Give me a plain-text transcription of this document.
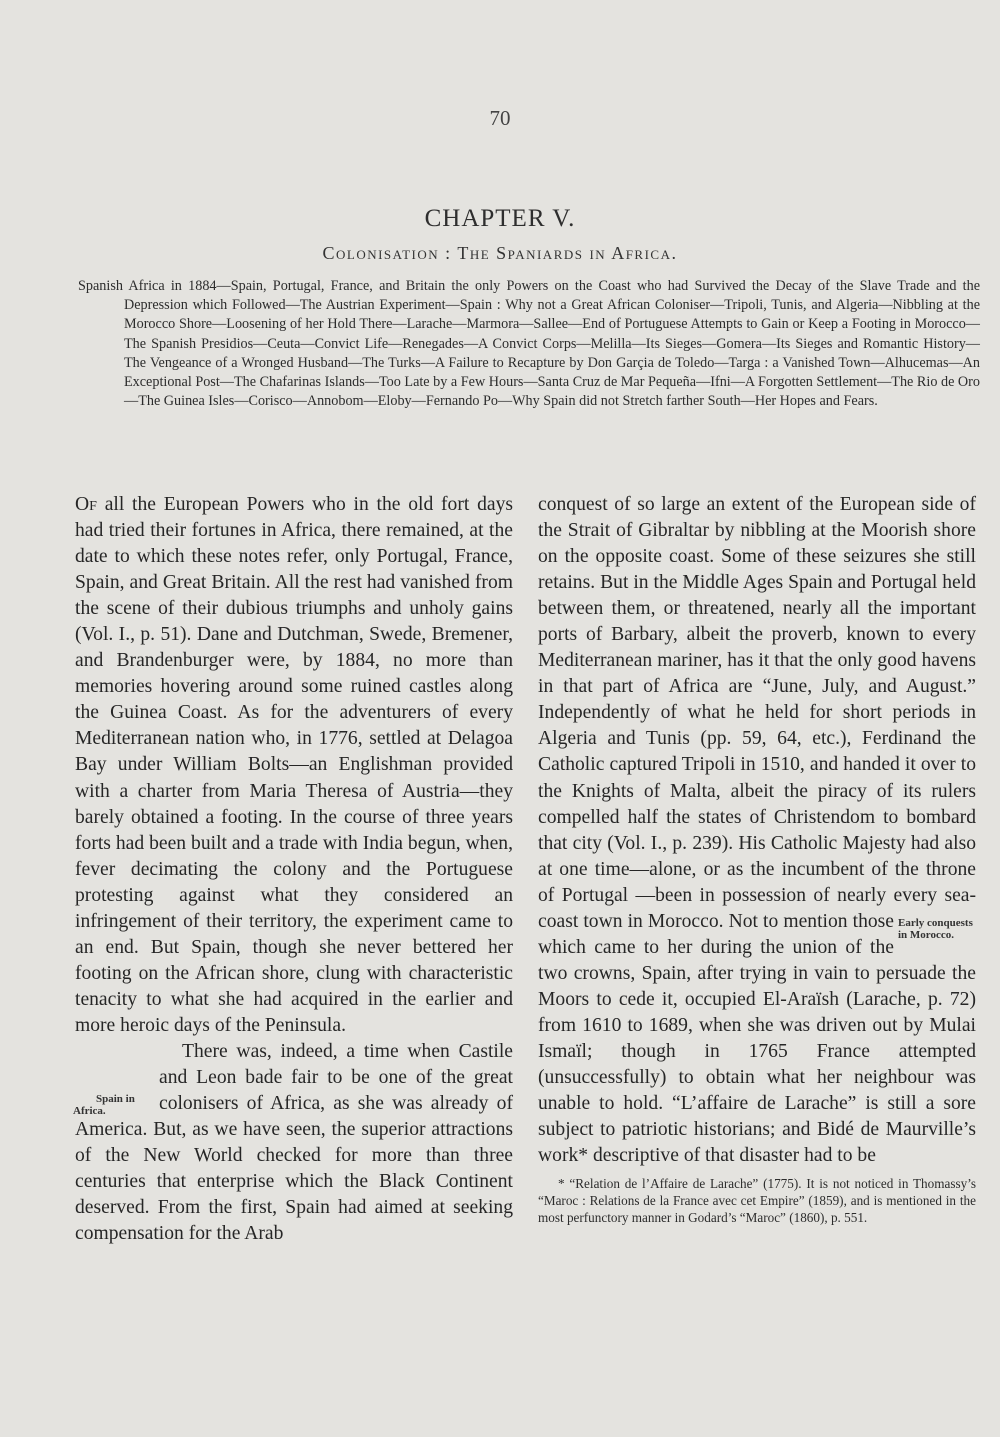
70
CHAPTER V.
Colonisation : The Spaniards in Africa.
Spanish Africa in 1884—Spain, Portugal, France, and Britain the only Powers on the Coast who had Survived the Decay of the Slave Trade and the Depression which Followed—The Austrian Experiment—Spain : Why not a Great African Coloniser—Tripoli, Tunis, and Algeria—Nibbling at the Morocco Shore—Loosening of her Hold There—Larache—Marmora—Sallee—End of Portuguese Attempts to Gain or Keep a Footing in Morocco—The Spanish Presidios—Ceuta—Convict Life—Renegades—A Convict Corps—Melilla—Its Sieges—Gomera—Its Sieges and Romantic History—The Vengeance of a Wronged Husband—The Turks—A Failure to Recapture by Don Garçia de Toledo—Targa : a Vanished Town—Alhucemas—An Exceptional Post—The Chafarinas Islands—Too Late by a Few Hours—Santa Cruz de Mar Pequeña—Ifni—A Forgotten Settlement—The Rio de Oro—The Guinea Isles—Corisco—Annobom—Eloby—Fernando Po—Why Spain did not Stretch farther South—Her Hopes and Fears.

Of all the European Powers who in the old fort days had tried their fortunes in Africa, there remained, at the date to which these notes refer, only Portugal, France, Spain, and Great Britain. All the rest had vanished from the scene of their dubious triumphs and unholy gains (Vol. I., p. 51). Dane and Dutchman, Swede, Bremener, and Brandenburger were, by 1884, no more than memories hovering around some ruined castles along the Guinea Coast. As for the adventurers of every Mediterranean nation who, in 1776, settled at Delagoa Bay under William Bolts—an Englishman provided with a charter from Maria Theresa of Austria—they barely obtained a footing. In the course of three years forts had been built and a trade with India begun, when, fever decimating the colony and the Portuguese protesting against what they considered an infringement of their territory, the experiment came to an end. But Spain, though she never bettered her footing on the African shore, clung with characteristic tenacity to what she had acquired in the earlier and more heroic days of the Peninsula.

Spain in Africa.
There was, indeed, a time when Castile and Leon bade fair to be one of the great colonisers of Africa, as she was already of America. But, as we have seen, the superior attractions of the New World checked for more than three centuries that enterprise which the Black Continent deserved. From the first, Spain had aimed at seeking compensation for the Arab

conquest of so large an extent of the European side of the Strait of Gibraltar by nibbling at the Moorish shore on the opposite coast. Some of these seizures she still retains. But in the Middle Ages Spain and Portugal held between them, or threatened, nearly all the important ports of Barbary, albeit the proverb, known to every Mediterranean mariner, has it that the only good havens in that part of Africa are “June, July, and August.” Independently of what he held for short periods in Algeria and Tunis (pp. 59, 64, etc.), Ferdinand the Catholic captured Tripoli in 1510, and handed it over to the Knights of Malta, albeit the piracy of its rulers compelled half the states of Christendom to bombard that city (Vol. I., p. 239). His Catholic Majesty had also at one time—alone, or as the incumbent of the throne of Portugal —been in possession of nearly every sea-coast town in Morocco.	Early conquests in Morocco.
Not to mention those which came to her during the union of the two crowns, Spain, after trying in vain to persuade the Moors to cede it, occupied El-Araïsh (Larache, p. 72) from 1610 to 1689, when she was driven out by Mulai Ismaïl; though in 1765 France attempted (unsuccessfully) to obtain what her neighbour was unable to hold. “L’affaire de Larache” is still a sore subject to patriotic historians; and Bidé de Maurville’s work* descriptive of that disaster had to be

* “Relation de l’Affaire de Larache” (1775). It is not noticed in Thomassy’s “Maroc : Relations de la France avec cet Empire” (1859), and is mentioned in the most perfunctory manner in Godard’s “Maroc” (1860), p. 551.
